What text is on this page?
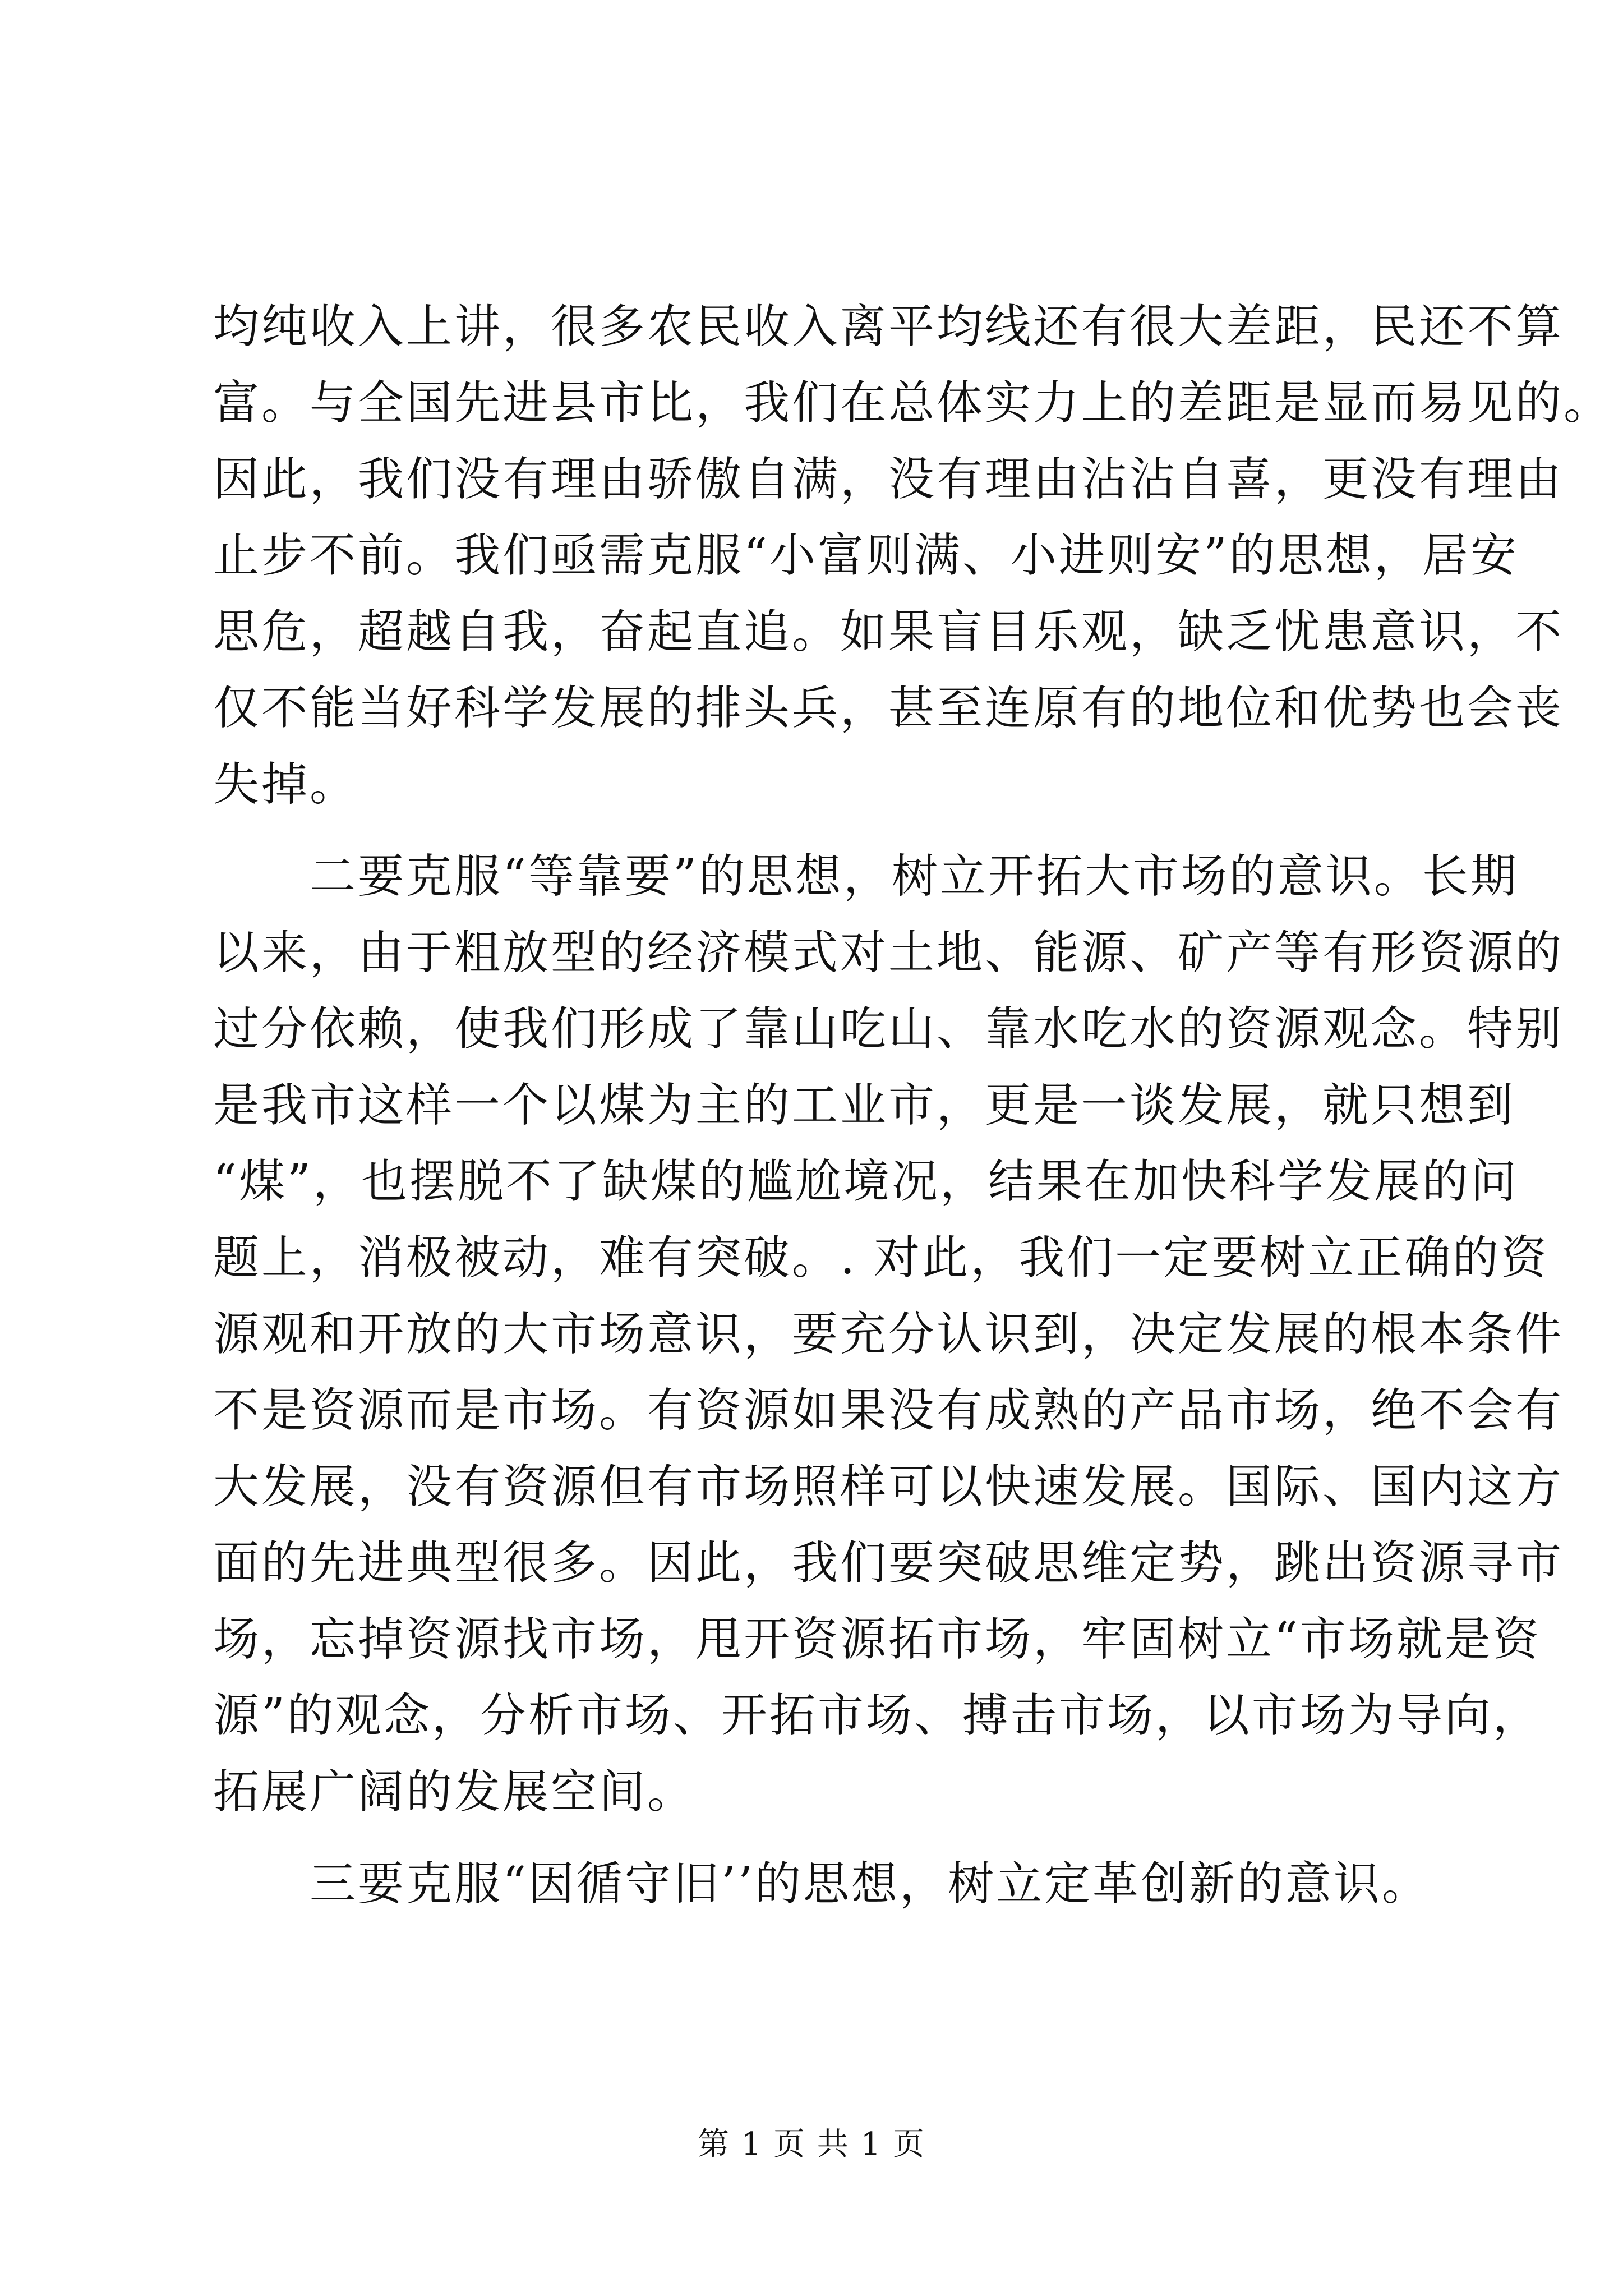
均纯收入上讲，很多农民收入离平均线还有很大差距，民还不算
富。与全国先进县市比，我们在总体实力上的差距是显而易见的。
因此，我们没有理由骄傲自满，没有理由沾沾自喜，更没有理由
止步不前。我们亟需克服“小富则满、小进则安”的思想，居安
思危，超越自我，奋起直追。如果盲目乐观，缺乏忧患意识，不
仅不能当好科学发展的排头兵，甚至连原有的地位和优势也会丧
失掉。
二要克服“等靠要”的思想，树立开拓大市场的意识。长期
以来，由于粗放型的经济模式对土地、能源、矿产等有形资源的
过分依赖，使我们形成了靠山吃山、靠水吃水的资源观念。特别
是我市这样一个以煤为主的工业市，更是一谈发展，就只想到
“煤”，也摆脱不了缺煤的尴尬境况，结果在加快科学发展的问
题上，消极被动，难有突破。. 对此，我们一定要树立正确的资
源观和开放的大市场意识，要充分认识到，决定发展的根本条件
不是资源而是市场。有资源如果没有成熟的产品市场，绝不会有
大发展，没有资源但有市场照样可以快速发展。国际、国内这方
面的先进典型很多。因此，我们要突破思维定势，跳出资源寻市
场，忘掉资源找市场，甩开资源拓市场，牢固树立“市场就是资
源”的观念，分析市场、开拓市场、搏击市场，以市场为导向，
拓展广阔的发展空间。
三要克服“因循守旧’’的思想，树立定革创新的意识。
第 1 页 共 1 页
